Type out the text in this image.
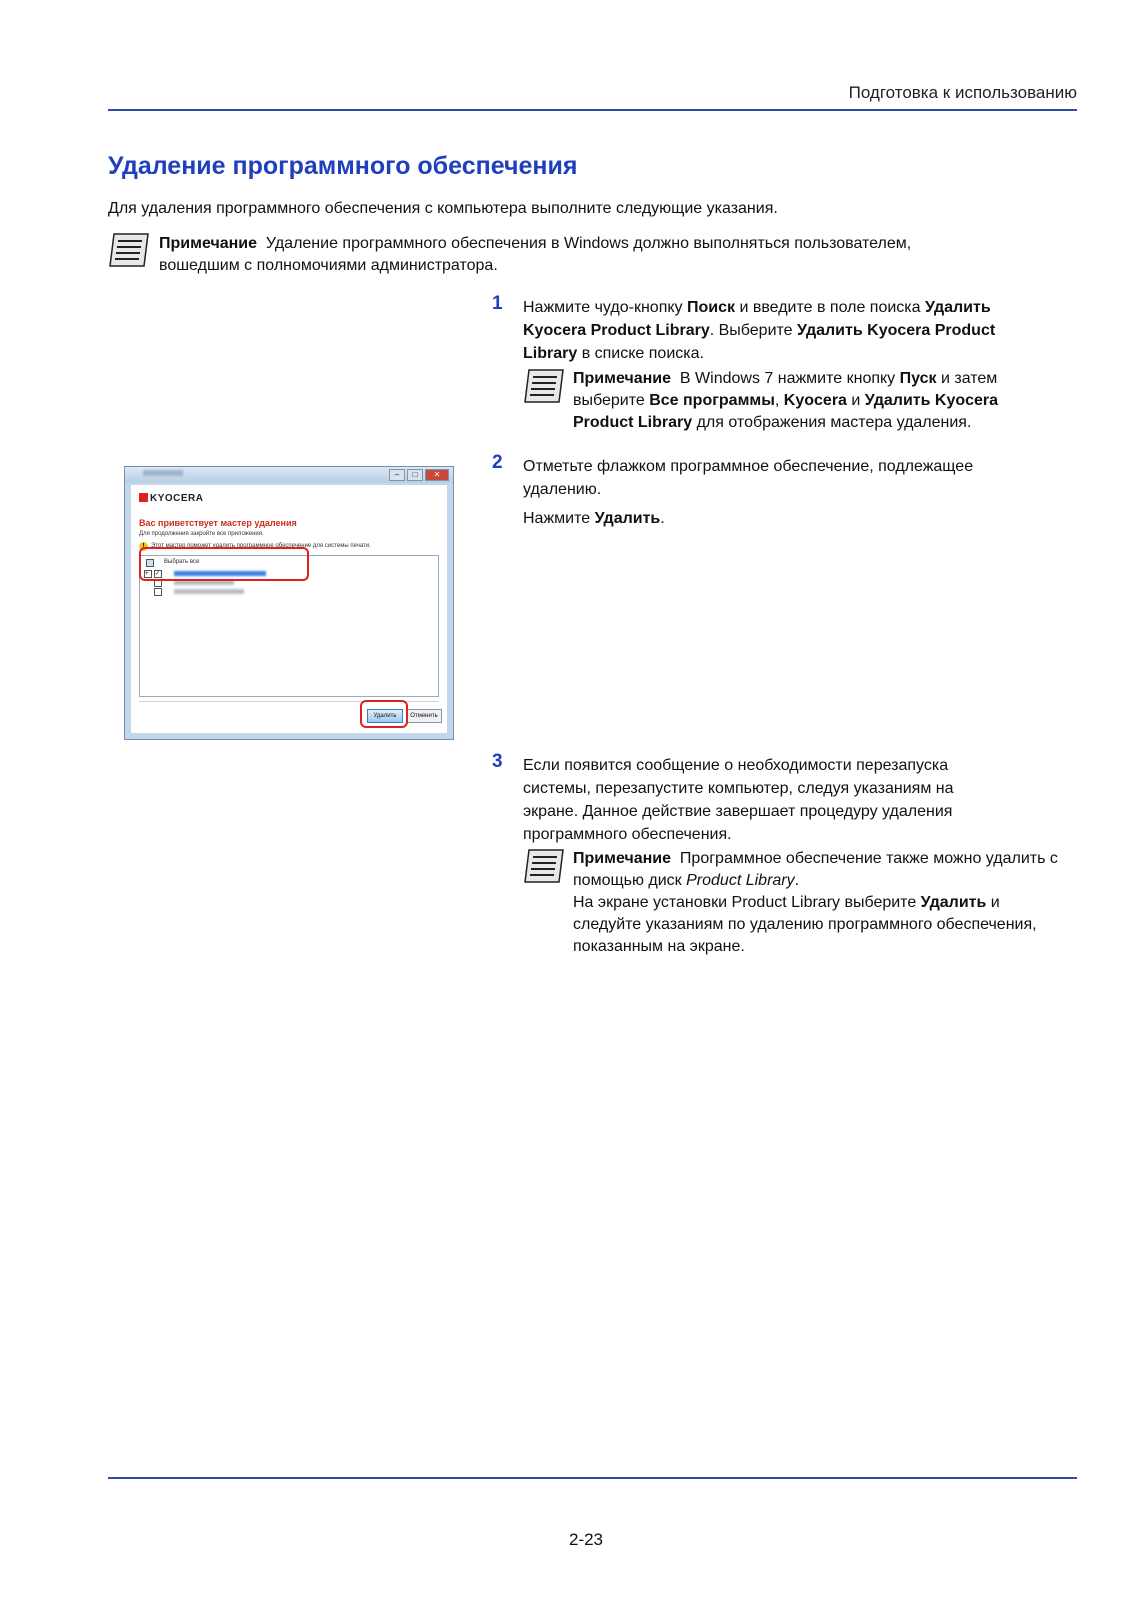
Подготовка к использованию
Удаление программного обеспечения
Для удаления программного обеспечения с компьютера выполните следующие указания.
Примечание Удаление программного обеспечения в Windows должно выполняться пользователем,
вошедшим с полномочиями администратора.
1 Нажмите чудо-кнопку Поиск и введите в поле поиска Удалить Kyocera Product Library. Выберите Удалить Kyocera Product Library в списке поиска.
Примечание В Windows 7 нажмите кнопку Пуск и затем выберите Все программы, Kyocera и Удалить Kyocera Product Library для отображения мастера удаления.
2 Отметьте флажком программное обеспечение, подлежащее удалению.
Нажмите Удалить.
–	□	✕
KYOCERA
Вас приветствует мастер удаления
Для продолжения закройте все приложения.
!	Этот мастер поможет удалить программное обеспечение для системы печати.
Выбрать все
+	✓
Удалить	Отменить
3 Если появится сообщение о необходимости перезапуска системы, перезапустите компьютер, следуя указаниям на экране. Данное действие завершает процедуру удаления программного обеспечения.
Примечание Программное обеспечение также можно удалить с помощью диск Product Library.
На экране установки Product Library выберите Удалить и следуйте указаниям по удалению программного обеспечения, показанным на экране.
2-23
